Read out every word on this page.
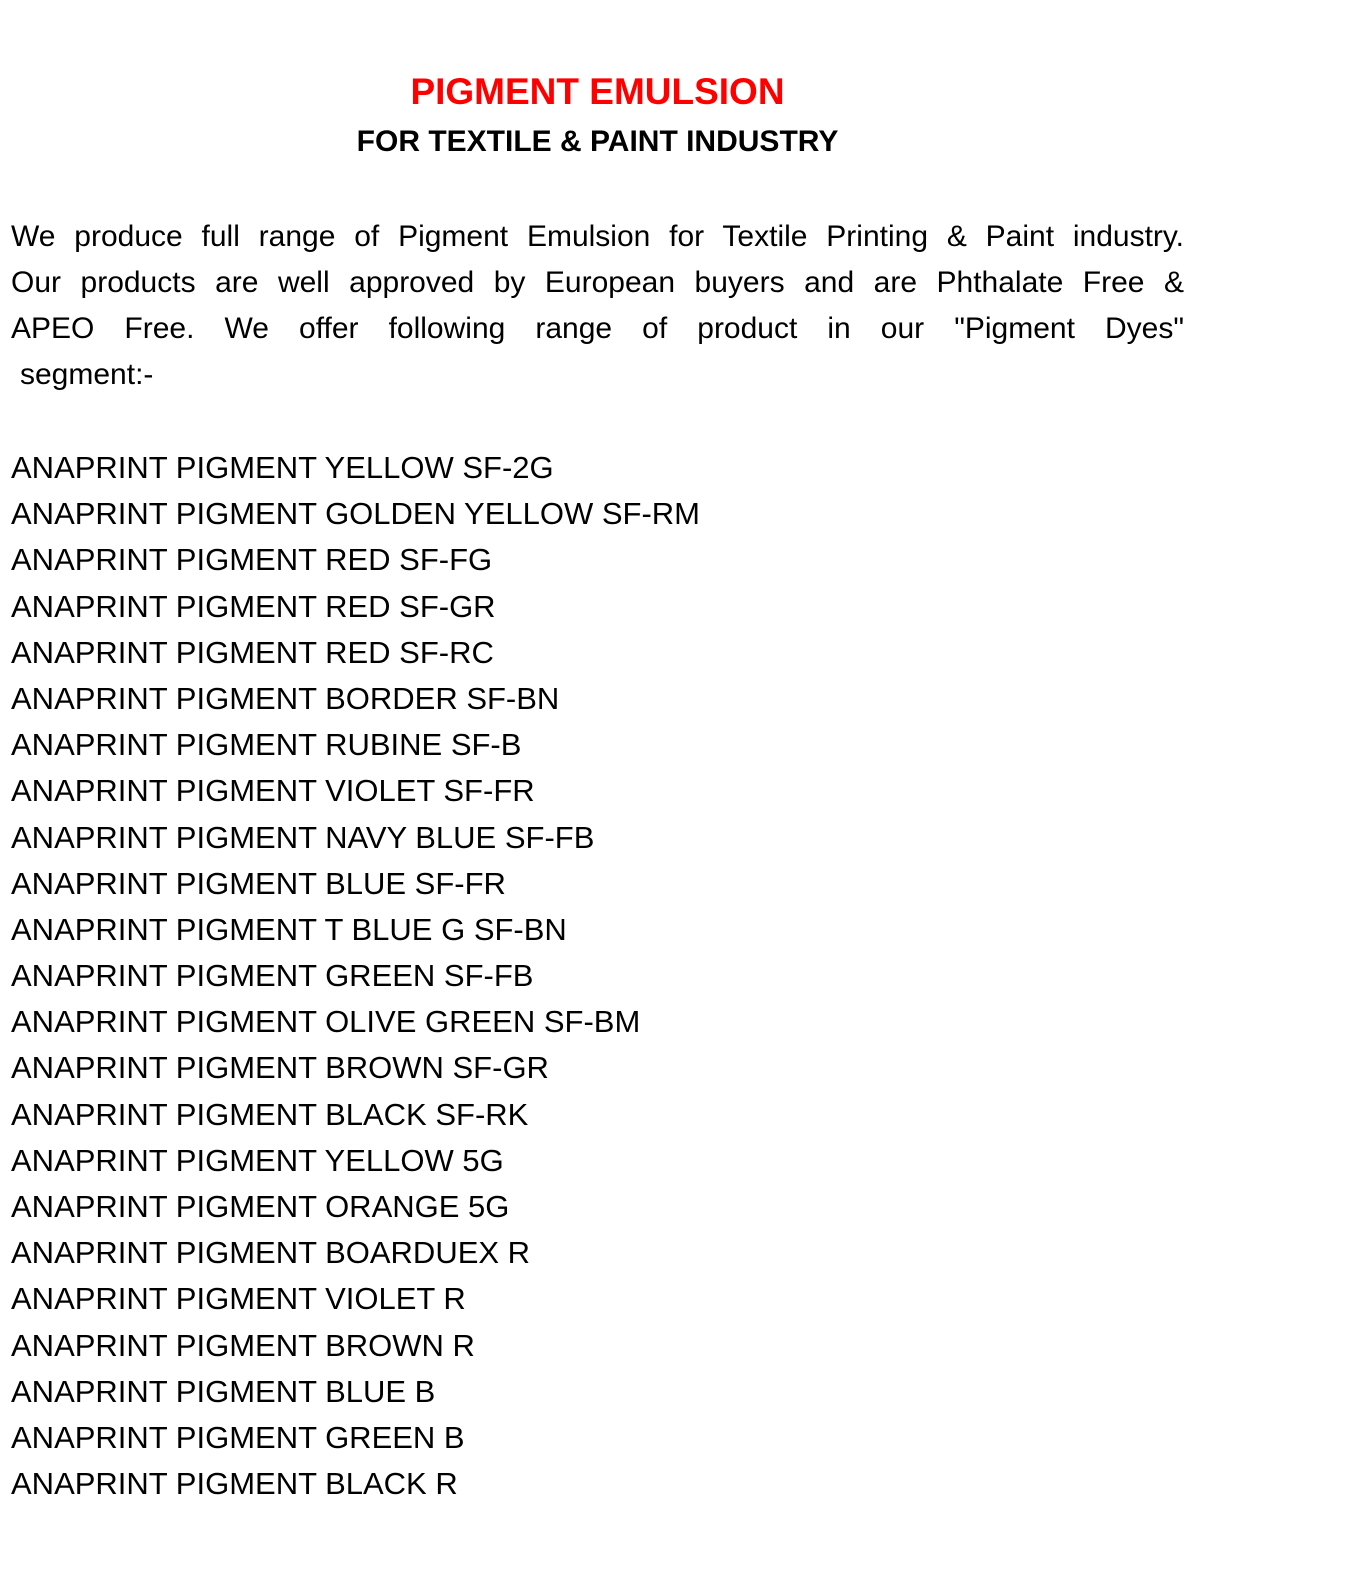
PIGMENT EMULSION
FOR TEXTILE & PAINT INDUSTRY
We produce full range of Pigment Emulsion for Textile Printing & Paint industry.
Our products are well approved by European buyers and are Phthalate Free &
APEO Free. We offer following range of product in our "Pigment Dyes"
segment:-
ANAPRINT PIGMENT YELLOW SF-2G
ANAPRINT PIGMENT GOLDEN YELLOW SF-RM
ANAPRINT PIGMENT RED SF-FG
ANAPRINT PIGMENT RED SF-GR
ANAPRINT PIGMENT RED SF-RC
ANAPRINT PIGMENT BORDER SF-BN
ANAPRINT PIGMENT RUBINE SF-B
ANAPRINT PIGMENT VIOLET SF-FR
ANAPRINT PIGMENT NAVY BLUE SF-FB
ANAPRINT PIGMENT BLUE SF-FR
ANAPRINT PIGMENT T BLUE G SF-BN
ANAPRINT PIGMENT GREEN SF-FB
ANAPRINT PIGMENT OLIVE GREEN SF-BM
ANAPRINT PIGMENT BROWN SF-GR
ANAPRINT PIGMENT BLACK SF-RK
ANAPRINT PIGMENT YELLOW 5G
ANAPRINT PIGMENT ORANGE 5G
ANAPRINT PIGMENT BOARDUEX R
ANAPRINT PIGMENT VIOLET R
ANAPRINT PIGMENT BROWN R
ANAPRINT PIGMENT BLUE B
ANAPRINT PIGMENT GREEN B
ANAPRINT PIGMENT BLACK R
